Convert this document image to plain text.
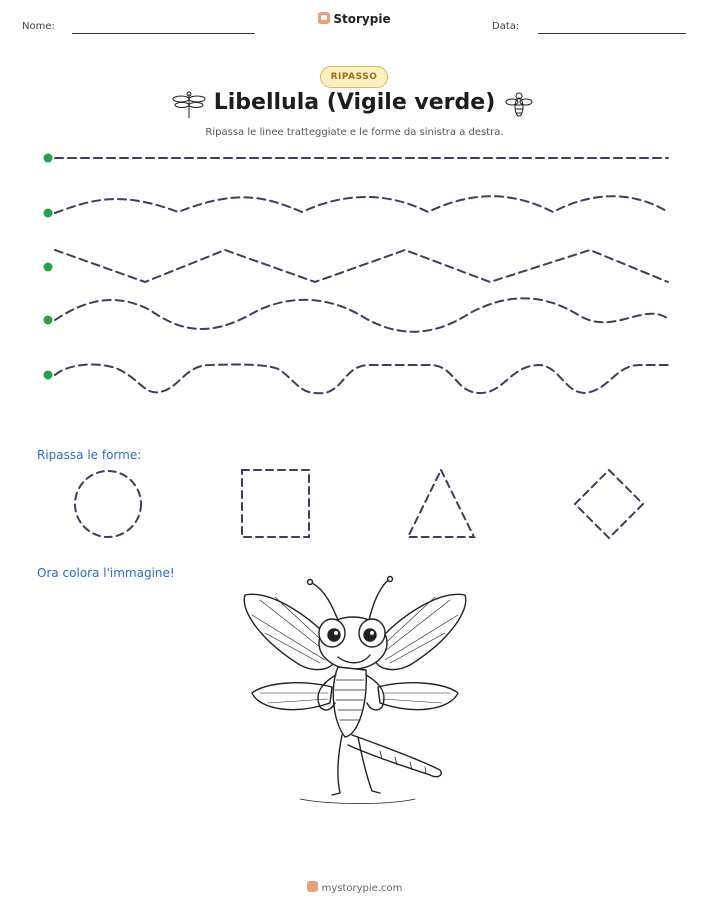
Nome:
Storypie
Data:
RIPASSO
Libellula (Vigile verde)
Ripassa le linee tratteggiate e le forme da sinistra a destra.
Ripassa le forme:
Ora colora l'immagine!
mystorypie.com
